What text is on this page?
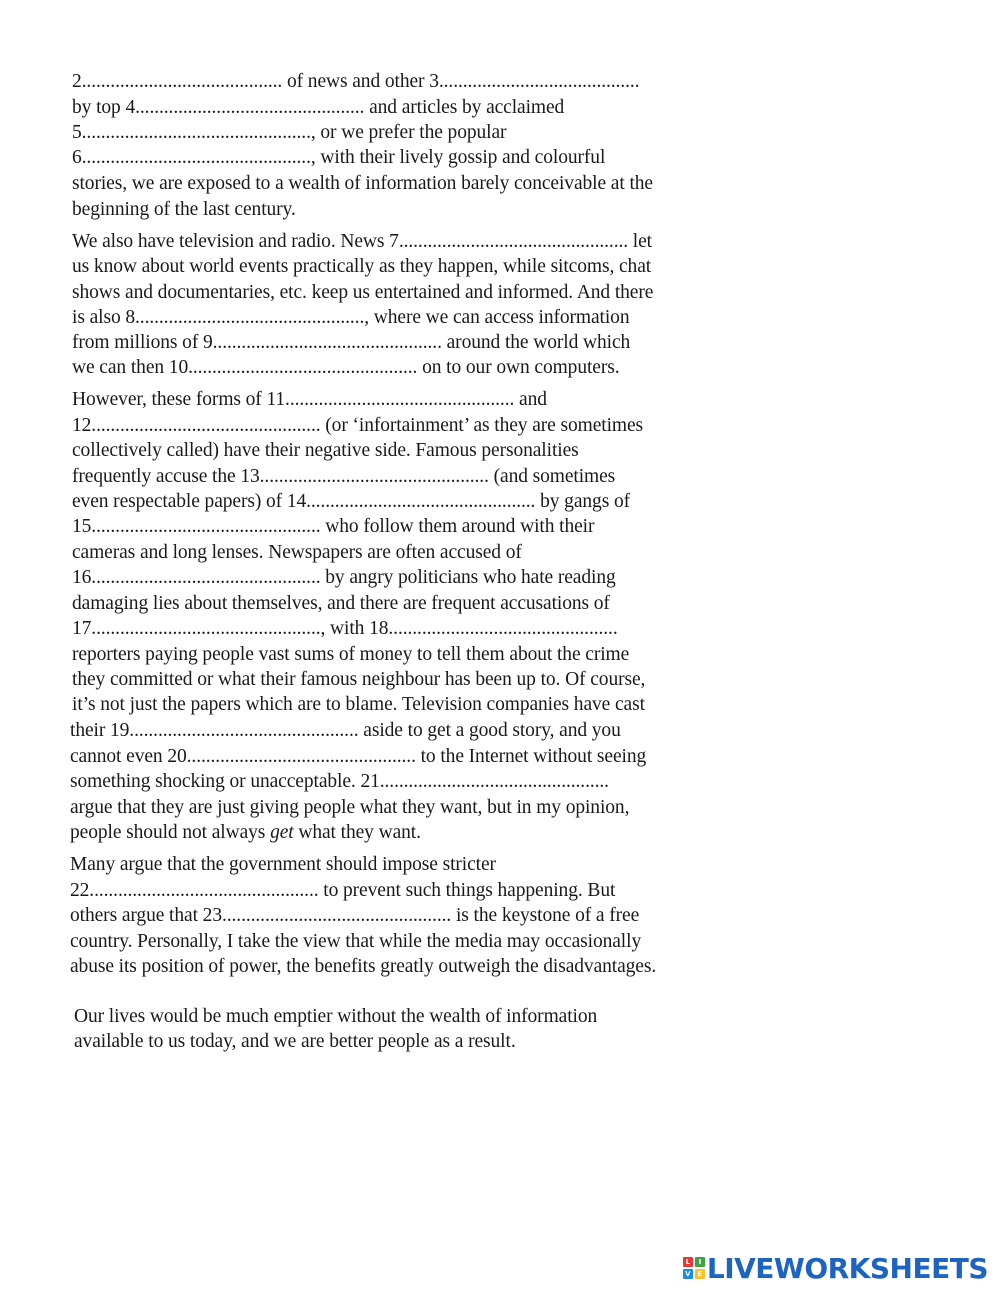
2.......................................... of news and other 3..........................................
by top 4................................................ and articles by acclaimed
5................................................, or we prefer the popular
6................................................, with their lively gossip and colourful
stories, we are exposed to a wealth of information barely conceivable at the
beginning of the last century.
We also have television and radio. News 7................................................ let
us know about world events practically as they happen, while sitcoms, chat
shows and documentaries, etc. keep us entertained and informed. And there
is also 8................................................, where we can access information
from millions of 9................................................ around the world which
we can then 10................................................ on to our own computers.
However, these forms of 11................................................ and
12................................................ (or ‘infortainment’ as they are sometimes
collectively called) have their negative side. Famous personalities
frequently accuse the 13................................................ (and sometimes
even respectable papers) of 14................................................ by gangs of
15................................................ who follow them around with their
cameras and long lenses. Newspapers are often accused of
16................................................ by angry politicians who hate reading
damaging lies about themselves, and there are frequent accusations of
17................................................, with 18................................................
reporters paying people vast sums of money to tell them about the crime
they committed or what their famous neighbour has been up to. Of course,
it’s not just the papers which are to blame. Television companies have cast
their 19................................................ aside to get a good story, and you
cannot even 20................................................ to the Internet without seeing
something shocking or unacceptable. 21................................................
argue that they are just giving people what they want, but in my opinion,
people should not always get what they want.
Many argue that the government should impose stricter
22................................................ to prevent such things happening. But
others argue that 23................................................ is the keystone of a free
country. Personally, I take the view that while the media may occasionally
abuse its position of power, the benefits greatly outweigh the disadvantages.
Our lives would be much emptier without the wealth of information
available to us today, and we are better people as a result.
L	I
V E LIVEWORKSHEETS
